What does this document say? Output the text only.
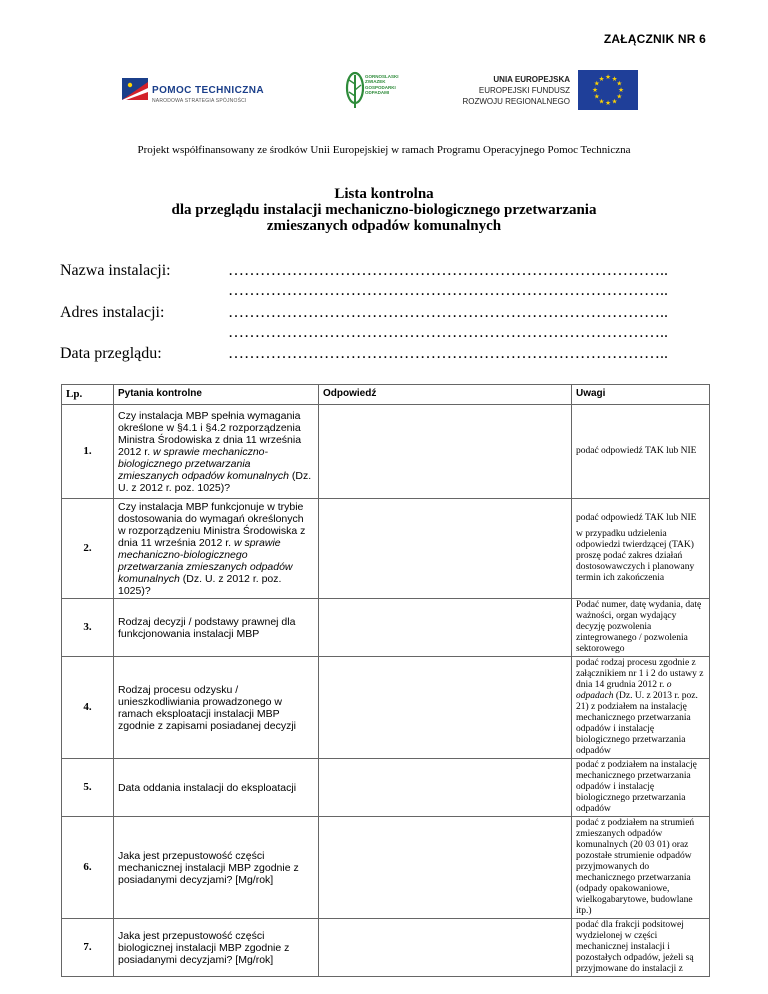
ZAŁĄCZNIK NR 6
POMOC TECHNICZNA
NARODOWA STRATEGIA SPÓJNOŚCI
GORNOSLASKI
ZWIAZEK
GOSPODARKI
ODPADAMI
UNIA EUROPEJSKA
EUROPEJSKI FUNDUSZ
ROZWOJU REGIONALNEGO
★ ★
★
★
★
★
★
★
★
★
★
★
Projekt współfinansowany ze środków Unii Europejskiej w ramach Programu Operacyjnego Pomoc Techniczna
Lista kontrolna
dla przeglądu instalacji mechaniczno-biologicznego przetwarzania
zmieszanych odpadów komunalnych
Nazwa instalacji:	………………………………………………………………………..
………………………………………………………………………..
Adres instalacji:	………………………………………………………………………..
………………………………………………………………………..
Data przeglądu:	………………………………………………………………………..
Lp.	Pytania kontrolne	Odpowiedź	Uwagi
1.	Czy instalacja MBP spełnia wymagania określone w §4.1 i §4.2 rozporządzenia Ministra Środowiska z dnia 11 września 2012 r. w sprawie mechaniczno-biologicznego przetwarzania zmieszanych odpadów komunalnych (Dz. U. z 2012 r. poz. 1025)?		podać odpowiedź TAK lub NIE

2.	Czy instalacja MBP funkcjonuje w trybie dostosowania do wymagań określonych w rozporządzeniu Ministra Środowiska z dnia 11 września 2012 r. w sprawie mechaniczno-biologicznego przetwarzania zmieszanych odpadów komunalnych (Dz. U. z 2012 r. poz. 1025)?		podać odpowiedź TAK lub NIE

w przypadku udzielenia odpowiedzi twierdzącej (TAK) proszę podać zakres działań dostosowawczych i planowany termin ich zakończenia

3.	Rodzaj decyzji / podstawy prawnej dla funkcjonowania instalacji MBP		Podać numer, datę wydania, datę ważności, organ wydający decyzję pozwolenia zintegrowanego / pozwolenia sektorowego

4.	Rodzaj procesu odzysku / unieszkodliwiania prowadzonego w ramach eksploatacji instalacji MBP zgodnie z zapisami posiadanej decyzji		podać rodzaj procesu zgodnie z załącznikiem nr 1 i 2 do ustawy z dnia 14 grudnia 2012 r. o odpadach (Dz. U. z 2013 r. poz. 21) z podziałem na instalację mechanicznego przetwarzania odpadów i instalację biologicznego przetwarzania odpadów
5.	Data oddania instalacji do eksploatacji		podać z podziałem na instalację mechanicznego przetwarzania odpadów i instalację biologicznego przetwarzania odpadów

6.	Jaka jest przepustowość części mechanicznej instalacji MBP zgodnie z posiadanymi decyzjami? [Mg/rok]		podać z podziałem na strumień zmieszanych odpadów komunalnych (20 03 01) oraz pozostałe strumienie odpadów przyjmowanych do mechanicznego przetwarzania (odpady opakowaniowe, wielkogabarytowe, budowlane itp.)

7.	Jaka jest przepustowość części biologicznej instalacji MBP zgodnie z posiadanymi decyzjami? [Mg/rok]		podać dla frakcji podsitowej wydzielonej w części mechanicznej instalacji i pozostałych odpadów, jeżeli są przyjmowane do instalacji z
